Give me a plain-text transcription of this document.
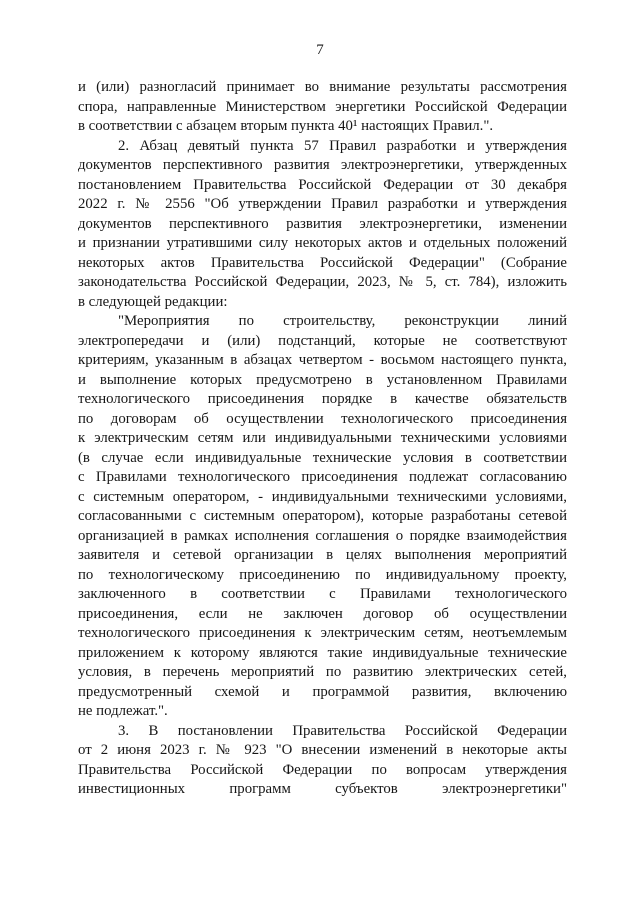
7
и (или) разногласий принимает во внимание результаты рассмотрения
спора, направленные Министерством энергетики Российской Федерации
в соответствии с абзацем вторым пункта 40¹ настоящих Правил.".
2. Абзац девятый пункта 57 Правил разработки и утверждения
документов перспективного развития электроэнергетики, утвержденных
постановлением Правительства Российской Федерации от 30 декабря
2022 г. № 2556 "Об утверждении Правил разработки и утверждения
документов перспективного развития электроэнергетики, изменении
и признании утратившими силу некоторых актов и отдельных положений
некоторых актов Правительства Российской Федерации" (Собрание
законодательства Российской Федерации, 2023, № 5, ст. 784), изложить
в следующей редакции:
"Мероприятия по строительству, реконструкции линий
электропередачи и (или) подстанций, которые не соответствуют
критериям, указанным в абзацах четвертом - восьмом настоящего пункта,
и выполнение которых предусмотрено в установленном Правилами
технологического присоединения порядке в качестве обязательств
по договорам об осуществлении технологического присоединения
к электрическим сетям или индивидуальными техническими условиями
(в случае если индивидуальные технические условия в соответствии
с Правилами технологического присоединения подлежат согласованию
с системным оператором, - индивидуальными техническими условиями,
согласованными с системным оператором), которые разработаны сетевой
организацией в рамках исполнения соглашения о порядке взаимодействия
заявителя и сетевой организации в целях выполнения мероприятий
по технологическому присоединению по индивидуальному проекту,
заключенного в соответствии с Правилами технологического
присоединения, если не заключен договор об осуществлении
технологического присоединения к электрическим сетям, неотъемлемым
приложением к которому являются такие индивидуальные технические
условия, в перечень мероприятий по развитию электрических сетей,
предусмотренный схемой и программой развития, включению
не подлежат.".
3. В постановлении Правительства Российской Федерации
от 2 июня 2023 г. № 923 "О внесении изменений в некоторые акты
Правительства Российской Федерации по вопросам утверждения
инвестиционных программ субъектов электроэнергетики"
